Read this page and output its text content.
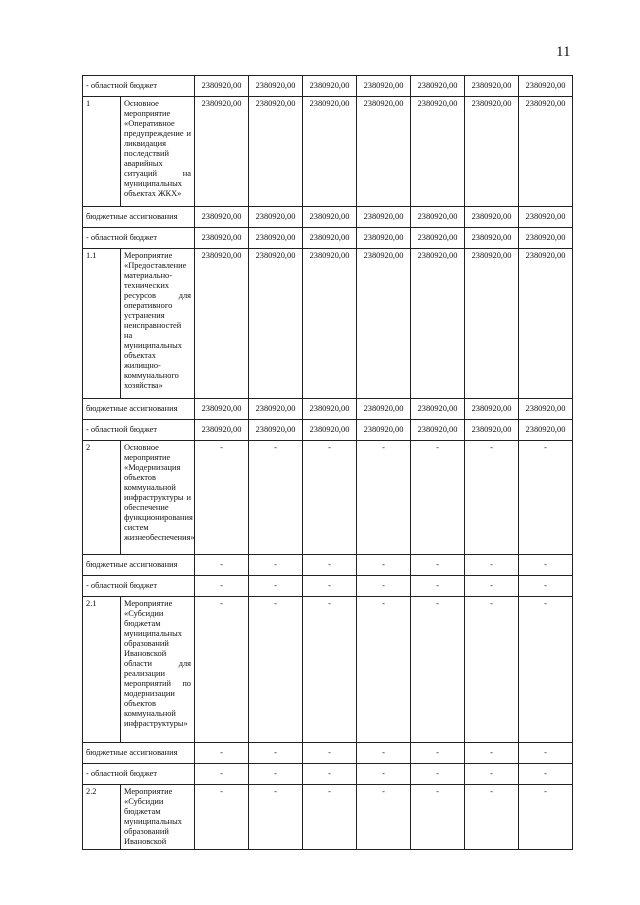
11
- областной бюджет		2380920,00	2380920,00	2380920,00	2380920,00	2380920,00	2380920,00	2380920,00
1	Основное мероприятие «Оперативное предупреждение и ликвидация последствий аварийных ситуаций на муниципальных объектах ЖКХ»	2380920,00	2380920,00	2380920,00	2380920,00	2380920,00	2380920,00	2380920,00
бюджетные ассигнования		2380920,00	2380920,00	2380920,00	2380920,00	2380920,00	2380920,00	2380920,00
- областной бюджет		2380920,00	2380920,00	2380920,00	2380920,00	2380920,00	2380920,00	2380920,00
1.1	Мероприятие «Предоставление материально-технических ресурсов для оперативного устранения неисправностей на муниципальных объектах жилищно-коммунального хозяйства»	2380920,00	2380920,00	2380920,00	2380920,00	2380920,00	2380920,00	2380920,00
бюджетные ассигнования		2380920,00	2380920,00	2380920,00	2380920,00	2380920,00	2380920,00	2380920,00
- областной бюджет		2380920,00	2380920,00	2380920,00	2380920,00	2380920,00	2380920,00	2380920,00
2	Основное мероприятие «Модернизация объектов коммунальной инфраструктуры и обеспечение функционирования систем жизнеобеспечения»	-	-	-	-	-	-	-
бюджетные ассигнования		-	-	-	-	-	-	-
- областной бюджет		-	-	-	-	-	-	-
2.1	Мероприятие «Субсидии бюджетам муниципальных образований Ивановской области для реализации мероприятий по модернизации объектов коммунальной инфраструктуры»	-	-	-	-	-	-	-
бюджетные ассигнования		-	-	-	-	-	-	-
- областной бюджет		-	-	-	-	-	-	-
2.2	Мероприятие «Субсидии бюджетам муниципальных образований Ивановской	-	-	-	-	-	-	-
